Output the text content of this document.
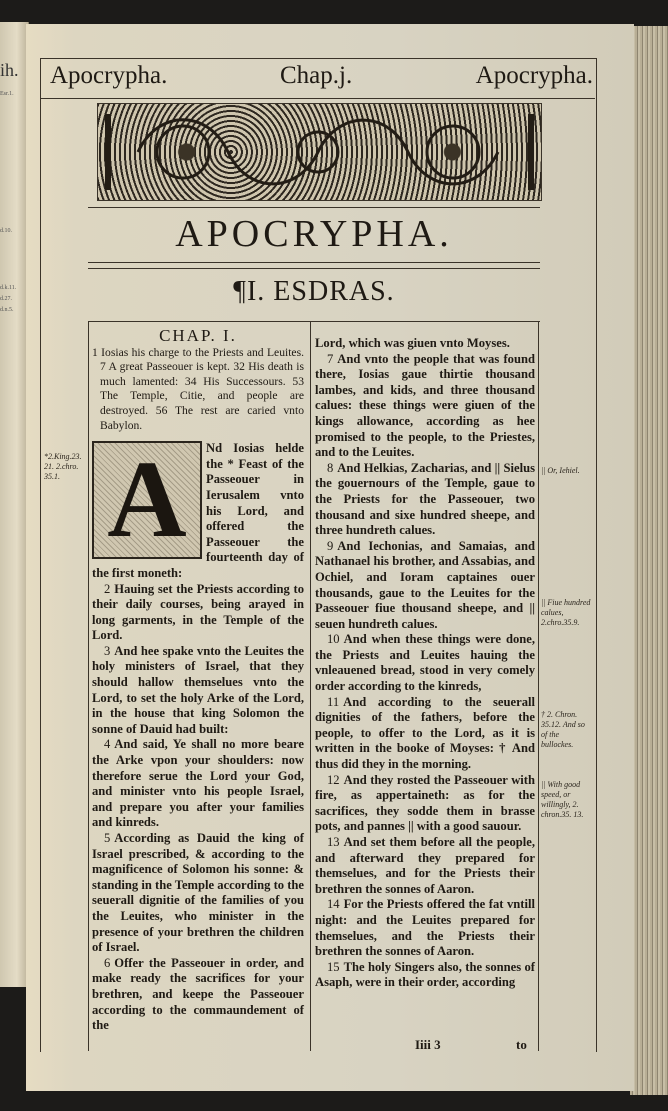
ih.
Esr.1.
d.10.
d.k.11.
d.27.
d.n.5.
Apocrypha.	Chap.j.	Apocrypha.
APOCRYPHA.
¶I. ESDRAS.
*2.King.23. 21. 2.chro. 35.1.
|| Or, Iehiel.
|| Fiue hundred calues, 2.chro.35.9.
† 2. Chron. 35.12. And so of the bullockes.
|| With good speed, or willingly, 2. chron.35. 13.
CHAP. I.
1 Iosias his charge to the Priests and Leuites. 7 A great Passeouer is kept. 32 His death is much lamented: 34 His Successours. 53 The Temple, Citie, and people are destroyed. 56 The rest are caried vnto Babylon.
A	Nd Iosias helde the * Feast of the Passeouer in Ierusalem vnto his Lord, and offered the Passeouer the fourteenth day of the first moneth:

2 Hauing set the Priests according to their daily courses, being arayed in long garments, in the Temple of the Lord.

3 And hee spake vnto the Leuites the holy ministers of Israel, that they should hallow themselues vnto the Lord, to set the holy Arke of the Lord, in the house that king Solomon the sonne of Dauid had built:

4 And said, Ye shall no more beare the Arke vpon your shoulders: now therefore serue the Lord your God, and minister vnto his people Israel, and prepare you after your families and kinreds.

5 According as Dauid the king of Israel prescribed, & according to the magnificence of Solomon his sonne: & standing in the Temple according to the seuerall dignitie of the families of you the Leuites, who minister in the presence of your brethren the children of Israel.

6 Offer the Passeouer in order, and make ready the sacrifices for your brethren, and keepe the Passeouer according to the commaundement of the

Lord, which was giuen vnto Moyses.

7 And vnto the people that was found there, Iosias gaue thirtie thousand lambes, and kids, and three thousand calues: these things were giuen of the kings allowance, according as hee promised to the people, to the Priestes, and to the Leuites.

8 And Helkias, Zacharias, and || Sielus the gouernours of the Temple, gaue to the Priests for the Passeouer, two thousand and sixe hundred sheepe, and three hundreth calues.

9 And Iechonias, and Samaias, and Nathanael his brother, and Assabias, and Ochiel, and Ioram captaines ouer thousands, gaue to the Leuites for the Passeouer fiue thousand sheepe, and || seuen hundreth calues.

10 And when these things were done, the Priests and Leuites hauing the vnleauened bread, stood in very comely order according to the kinreds,

11 And according to the seuerall dignities of the fathers, before the people, to offer to the Lord, as it is written in the booke of Moyses: † And thus did they in the morning.

12 And they rosted the Passeouer with fire, as appertaineth: as for the sacrifices, they sodde them in brasse pots, and pannes || with a good sauour.

13 And set them before all the people, and afterward they prepared for themselues, and for the Priests their brethren the sonnes of Aaron.

14 For the Priests offered the fat vntill night: and the Leuites prepared for themselues, and the Priests their brethren the sonnes of Aaron.

15 The holy Singers also, the sonnes of Asaph, were in their order, according

Iiii 3	to
